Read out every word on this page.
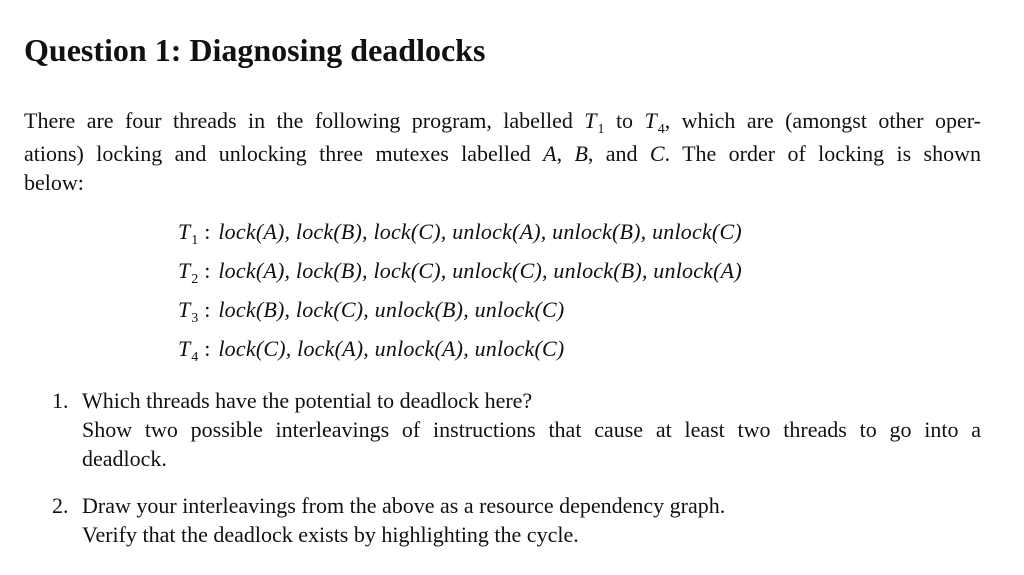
Question 1: Diagnosing deadlocks
There are four threads in the following program, labelled $T_1$ to $T_4$, which are (amongst other oper-
ations) locking and unlocking three mutexes labelled A, B, and C. The order of locking is shown
below:
$T_1$ : lock(A), lock(B), lock(C), unlock(A), unlock(B), unlock(C)
$T_2$ : lock(A), lock(B), lock(C), unlock(C), unlock(B), unlock(A)
$T_3$ : lock(B), lock(C), unlock(B), unlock(C)
$T_4$ : lock(C), lock(A), unlock(A), unlock(C)
1. Which threads have the potential to deadlock here?
Show two possible interleavings of instructions that cause at least two threads to go into a
deadlock.
2. Draw your interleavings from the above as a resource dependency graph.
Verify that the deadlock exists by highlighting the cycle.
